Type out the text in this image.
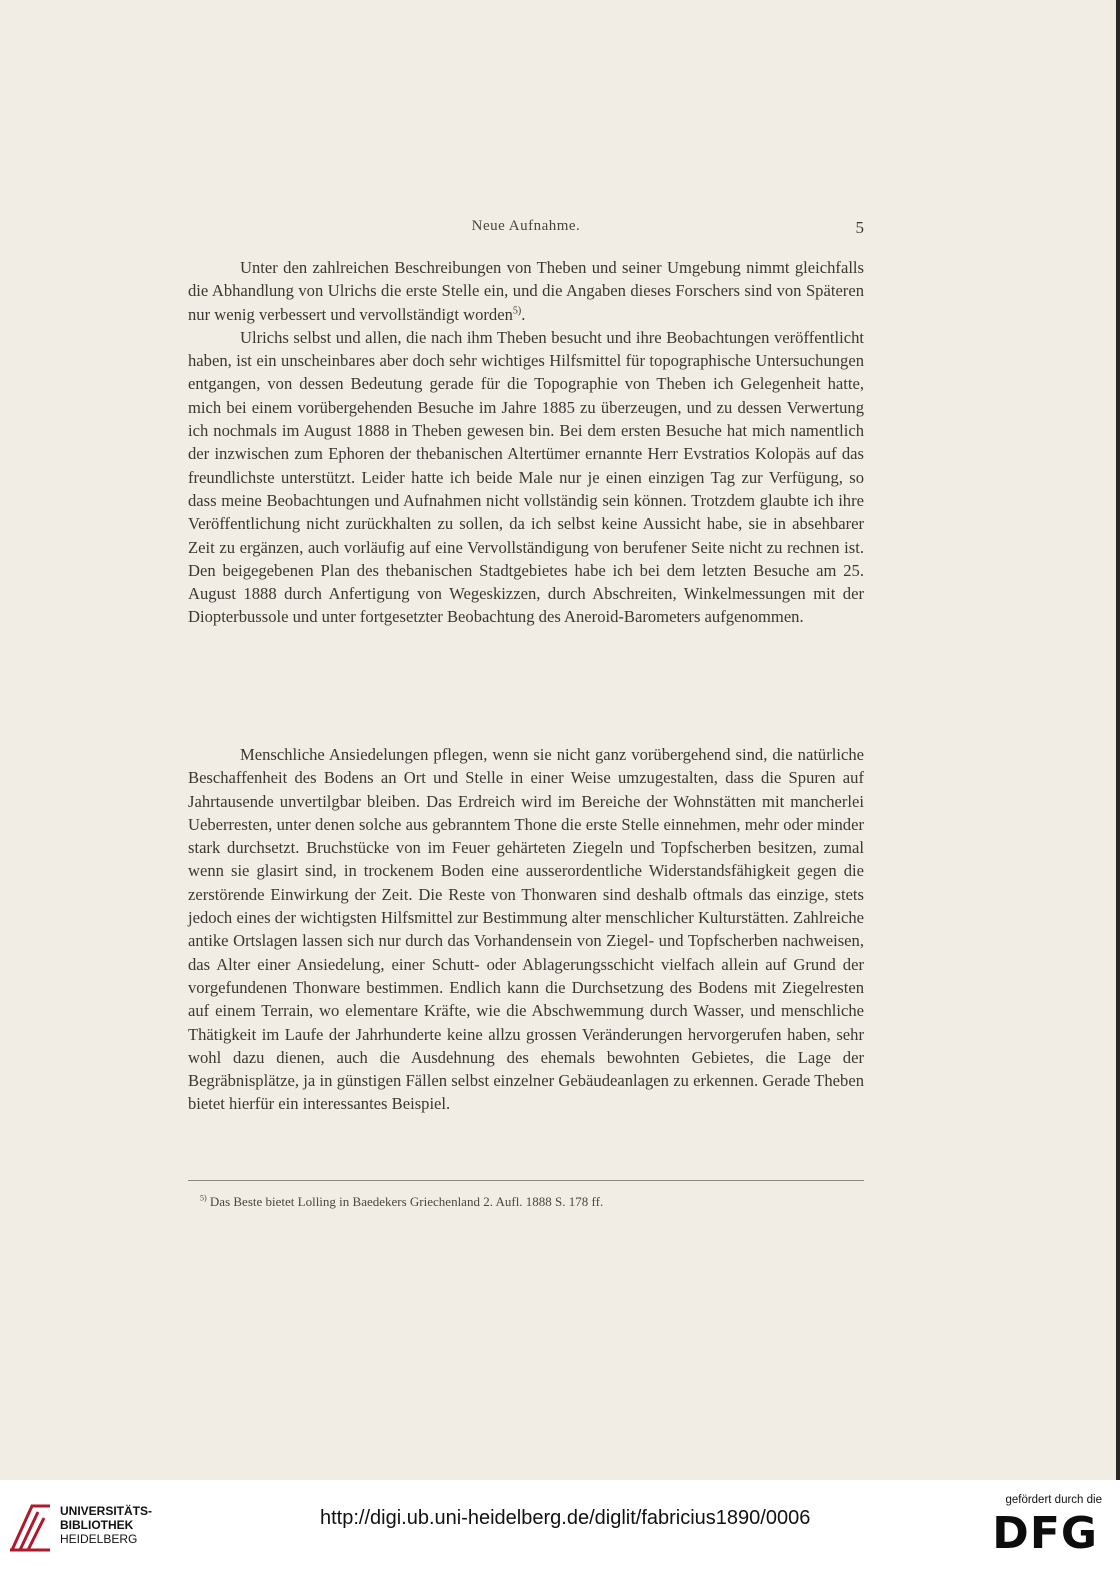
Neue Aufnahme.	5

Unter den zahlreichen Beschreibungen von Theben und seiner Umgebung nimmt gleichfalls die Abhandlung von Ulrichs die erste Stelle ein, und die Angaben dieses Forschers sind von Späteren nur wenig verbessert und vervollständigt worden$^{5)}$.

Ulrichs selbst und allen, die nach ihm Theben besucht und ihre Beobachtungen veröffentlicht haben, ist ein unscheinbares aber doch sehr wichtiges Hilfsmittel für topographische Untersuchungen entgangen, von dessen Bedeutung gerade für die Topographie von Theben ich Gelegenheit hatte, mich bei einem vorübergehenden Besuche im Jahre 1885 zu überzeugen, und zu dessen Verwertung ich nochmals im August 1888 in Theben gewesen bin. Bei dem ersten Besuche hat mich namentlich der inzwischen zum Ephoren der thebanischen Altertümer ernannte Herr Evstratios Kolopäs auf das freundlichste unterstützt. Leider hatte ich beide Male nur je einen einzigen Tag zur Verfügung, so dass meine Beobachtungen und Aufnahmen nicht vollständig sein können. Trotzdem glaubte ich ihre Veröffentlichung nicht zurückhalten zu sollen, da ich selbst keine Aussicht habe, sie in absehbarer Zeit zu ergänzen, auch vorläufig auf eine Vervollständigung von berufener Seite nicht zu rechnen ist. Den beigegebenen Plan des thebanischen Stadtgebietes habe ich bei dem letzten Besuche am 25. August 1888 durch Anfertigung von Wegeskizzen, durch Abschreiten, Winkelmessungen mit der Diopterbussole und unter fortgesetzter Beobachtung des Aneroid-Barometers aufgenommen.

Menschliche Ansiedelungen pflegen, wenn sie nicht ganz vorübergehend sind, die natürliche Beschaffenheit des Bodens an Ort und Stelle in einer Weise umzugestalten, dass die Spuren auf Jahrtausende unvertilgbar bleiben. Das Erdreich wird im Bereiche der Wohnstätten mit mancherlei Ueberresten, unter denen solche aus gebranntem Thone die erste Stelle einnehmen, mehr oder minder stark durchsetzt. Bruchstücke von im Feuer gehärteten Ziegeln und Topfscherben besitzen, zumal wenn sie glasirt sind, in trockenem Boden eine ausserordentliche Widerstandsfähigkeit gegen die zerstörende Einwirkung der Zeit. Die Reste von Thonwaren sind deshalb oftmals das einzige, stets jedoch eines der wichtigsten Hilfsmittel zur Bestimmung alter menschlicher Kulturstätten. Zahlreiche antike Ortslagen lassen sich nur durch das Vorhandensein von Ziegel- und Topfscherben nachweisen, das Alter einer Ansiedelung, einer Schutt- oder Ablagerungsschicht vielfach allein auf Grund der vorgefundenen Thonware bestimmen. Endlich kann die Durchsetzung des Bodens mit Ziegelresten auf einem Terrain, wo elementare Kräfte, wie die Abschwemmung durch Wasser, und menschliche Thätigkeit im Laufe der Jahrhunderte keine allzu grossen Veränderungen hervorgerufen haben, sehr wohl dazu dienen, auch die Ausdehnung des ehemals bewohnten Gebietes, die Lage der Begräbnisplätze, ja in günstigen Fällen selbst einzelner Gebäudeanlagen zu erkennen. Gerade Theben bietet hierfür ein interessantes Beispiel.

$^{5)}$ Das Beste bietet Lolling in Baedekers Griechenland 2. Aufl. 1888 S. 178 ff.
UNIVERSITÄTS-
BIBLIOTHEK
HEIDELBERG
http://digi.ub.uni-heidelberg.de/diglit/fabricius1890/0006
gefördert durch die
DFG
